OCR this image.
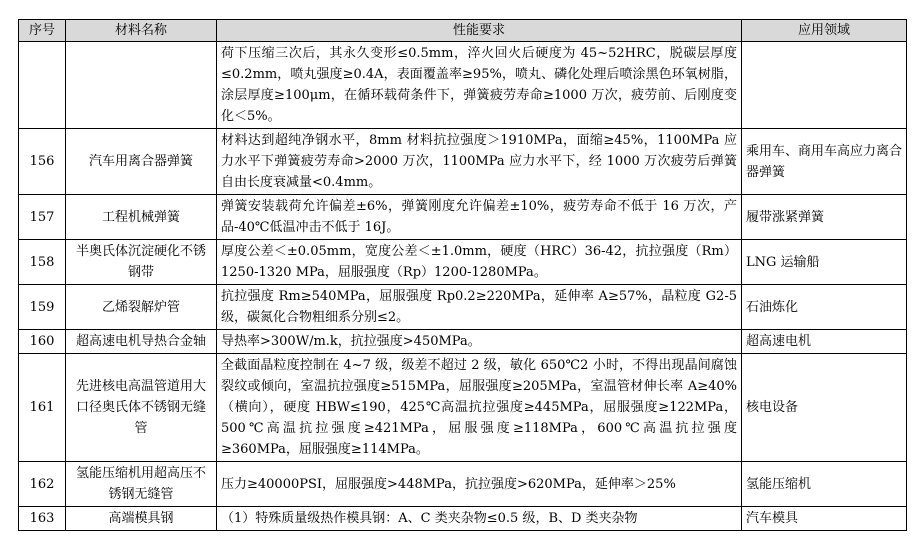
序号	材料名称	性能要求	应用领域
		荷下压缩三次后，其永久变形≤0.5mm，淬火回火后硬度为 45~52HRC，脱碳层厚度≤0.2mm，喷丸强度≥0.4A，表面覆盖率≥95%，喷丸、磷化处理后喷涂黑色环氧树脂，涂层厚度≥100μm，在循环载荷条件下，弹簧疲劳寿命≥1000 万次，疲劳前、后刚度变化＜5%。	
156	汽车用离合器弹簧	材料达到超纯净钢水平，8mm 材料抗拉强度＞1910MPa，面缩≥45%，1100MPa 应力水平下弹簧疲劳寿命>2000 万次，1100MPa 应力水平下，经 1000 万次疲劳后弹簧自由长度衰减量<0.4mm。	乘用车、商用车高应力离合器弹簧
157	工程机械弹簧	弹簧安装载荷允许偏差±6%，弹簧刚度允许偏差±10%，疲劳寿命不低于 16 万次，产品-40℃低温冲击不低于 16J。	履带涨紧弹簧
158	半奥氏体沉淀硬化不锈钢带	厚度公差＜±0.05mm，宽度公差＜±1.0mm，硬度（HRC）36-42，抗拉强度（Rm）1250-1320 MPa，屈服强度（Rp）1200-1280MPa。	LNG 运输船
159	乙烯裂解炉管	抗拉强度 Rm≥540MPa，屈服强度 Rp0.2≥220MPa，延伸率 A≥57%，晶粒度 G2-5 级，碳氮化合物粗细系分别≤2。	石油炼化
160	超高速电机导热合金轴	导热率>300W/m.k，抗拉强度>450MPa。	超高速电机
161	先进核电高温管道用大口径奥氏体不锈钢无缝管	全截面晶粒度控制在 4~7 级，级差不超过 2 级，敏化 650℃2 小时，不得出现晶间腐蚀裂纹或倾向，室温抗拉强度≥515MPa，屈服强度≥205MPa，室温管材伸长率 A≥40%（横向），硬度 HBW≤190，425℃高温抗拉强度≥445MPa，屈服强度≥122MPa，500℃高温抗拉强度≥421MPa，屈服强度≥118MPa，600℃高温抗拉强度≥360MPa，屈服强度≥114MPa。	核电设备
162	氢能压缩机用超高压不锈钢无缝管	压力≥40000PSI，屈服强度>448MPa，抗拉强度>620MPa，延伸率＞25%	氢能压缩机
163	高端模具钢	（1）特殊质量级热作模具钢：A、C 类夹杂物≤0.5 级，B、D 类夹杂物	汽车模具
